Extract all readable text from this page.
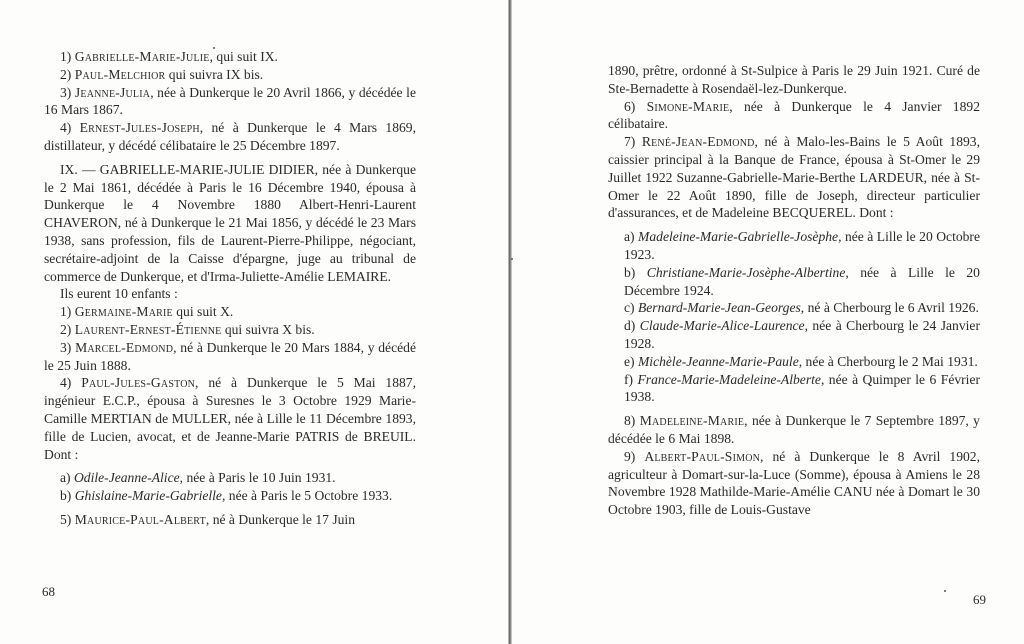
1) Gabrielle-Marie-Julie, qui suit IX.

2) Paul-Melchior qui suivra IX bis.

3) Jeanne-Julia, née à Dunkerque le 20 Avril 1866, y décédée le 16 Mars 1867.

4) Ernest-Jules-Joseph, né à Dunkerque le 4 Mars 1869, distillateur, y décédé célibataire le 25 Décembre 1897.

IX. — GABRIELLE-MARIE-JULIE DIDIER, née à Dunkerque le 2 Mai 1861, décédée à Paris le 16 Décembre 1940, épousa à Dunkerque le 4 Novembre 1880 Albert-Henri-Laurent CHAVERON, né à Dunkerque le 21 Mai 1856, y décédé le 23 Mars 1938, sans profession, fils de Laurent-Pierre-Philippe, négociant, secrétaire-adjoint de la Caisse d'épargne, juge au tribunal de commerce de Dunkerque, et d'Irma-Juliette-Amélie LEMAIRE.

Ils eurent 10 enfants :

1) Germaine-Marie qui suit X.

2) Laurent-Ernest-Étienne qui suivra X bis.

3) Marcel-Edmond, né à Dunkerque le 20 Mars 1884, y décédé le 25 Juin 1888.

4) Paul-Jules-Gaston, né à Dunkerque le 5 Mai 1887, ingénieur E.C.P., épousa à Suresnes le 3 Octobre 1929 Marie-Camille MERTIAN de MULLER, née à Lille le 11 Décembre 1893, fille de Lucien, avocat, et de Jeanne-Marie PATRIS de BREUIL. Dont :

a) Odile-Jeanne-Alice, née à Paris le 10 Juin 1931.

b) Ghislaine-Marie-Gabrielle, née à Paris le 5 Octobre 1933.

5) Maurice-Paul-Albert, né à Dunkerque le 17 Juin

68

1890, prêtre, ordonné à St-Sulpice à Paris le 29 Juin 1921. Curé de Ste-Bernadette à Rosendaël-lez-Dunkerque.

6) Simone-Marie, née à Dunkerque le 4 Janvier 1892 célibataire.

7) René-Jean-Edmond, né à Malo-les-Bains le 5 Août 1893, caissier principal à la Banque de France, épousa à St-Omer le 29 Juillet 1922 Suzanne-Gabrielle-Marie-Berthe LARDEUR, née à St-Omer le 22 Août 1890, fille de Joseph, directeur particulier d'assurances, et de Madeleine BECQUEREL. Dont :

a) Madeleine-Marie-Gabrielle-Josèphe, née à Lille le 20 Octobre 1923.

b) Christiane-Marie-Josèphe-Albertine, née à Lille le 20 Décembre 1924.

c) Bernard-Marie-Jean-Georges, né à Cherbourg le 6 Avril 1926.

d) Claude-Marie-Alice-Laurence, née à Cherbourg le 24 Janvier 1928.

e) Michèle-Jeanne-Marie-Paule, née à Cherbourg le 2 Mai 1931.

f) France-Marie-Madeleine-Alberte, née à Quimper le 6 Février 1938.

8) Madeleine-Marie, née à Dunkerque le 7 Septembre 1897, y décédée le 6 Mai 1898.

9) Albert-Paul-Simon, né à Dunkerque le 8 Avril 1902, agriculteur à Domart-sur-la-Luce (Somme), épousa à Amiens le 28 Novembre 1928 Mathilde-Marie-Amélie CANU née à Domart le 30 Octobre 1903, fille de Louis-Gustave

69
